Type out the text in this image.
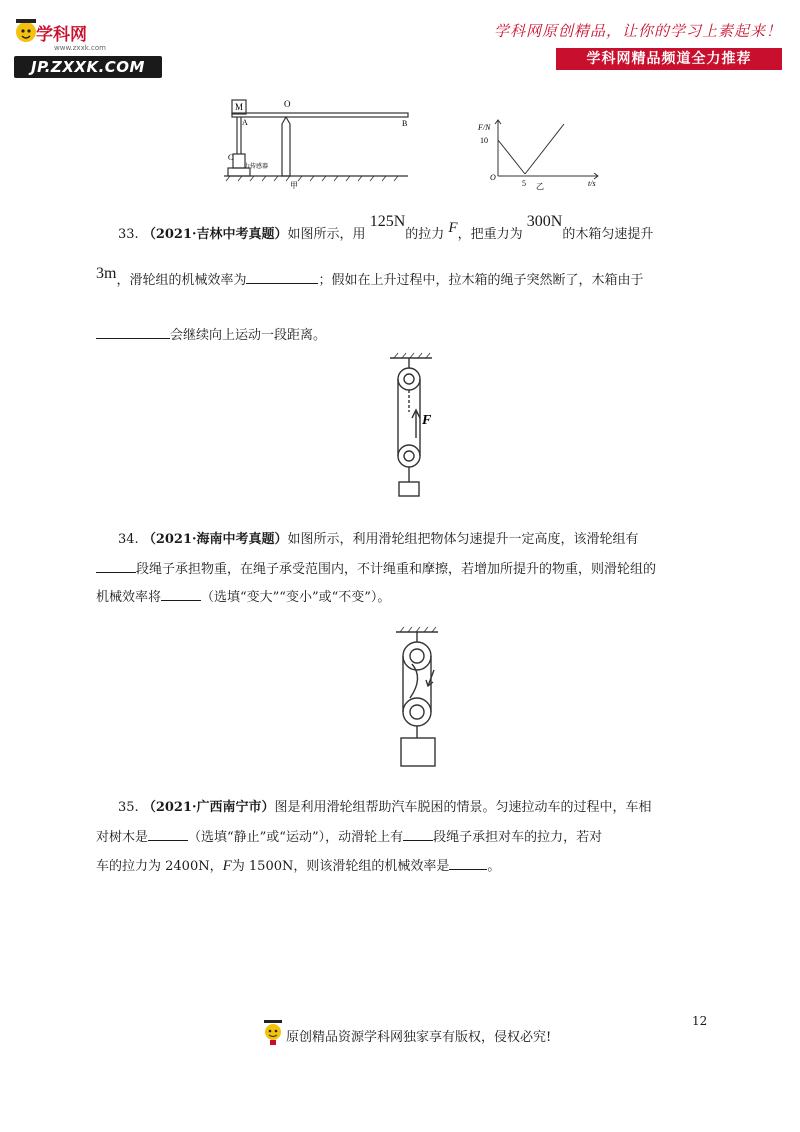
学科网
www.zxxk.com
JP.ZXXK.COM
学科网原创精品，让你的学习上素起来！
学科网精品频道全力推荐
M	O
A	B
C
力传感器
甲
F/N
10
O
5	t/s
乙
33. （2021·吉林中考真题）如图所示，用 125N的拉力 F，把重力为 300N的木箱匀速提升
3m，滑轮组的机械效率为	；假如在上升过程中，拉木箱的绳子突然断了，木箱由于
会继续向上运动一段距离。
F
34. （2021·海南中考真题）如图所示，利用滑轮组把物体匀速提升一定高度，该滑轮组有
段绳子承担物重，在绳子承受范围内，不计绳重和摩擦，若增加所提升的物重，则滑轮组的
机械效率将	（选填“变大”“变小”或“不变”）。
35. （2021·广西南宁市）图是利用滑轮组帮助汽车脱困的情景。匀速拉动车的过程中，车相
对树木是	（选填“静止”或“运动”），动滑轮上有 段绳子承担对车的拉力，若对
车的拉力为 2400N，F为 1500N，则该滑轮组的机械效率是	。
12
原创精品资源学科网独家享有版权，侵权必究!
